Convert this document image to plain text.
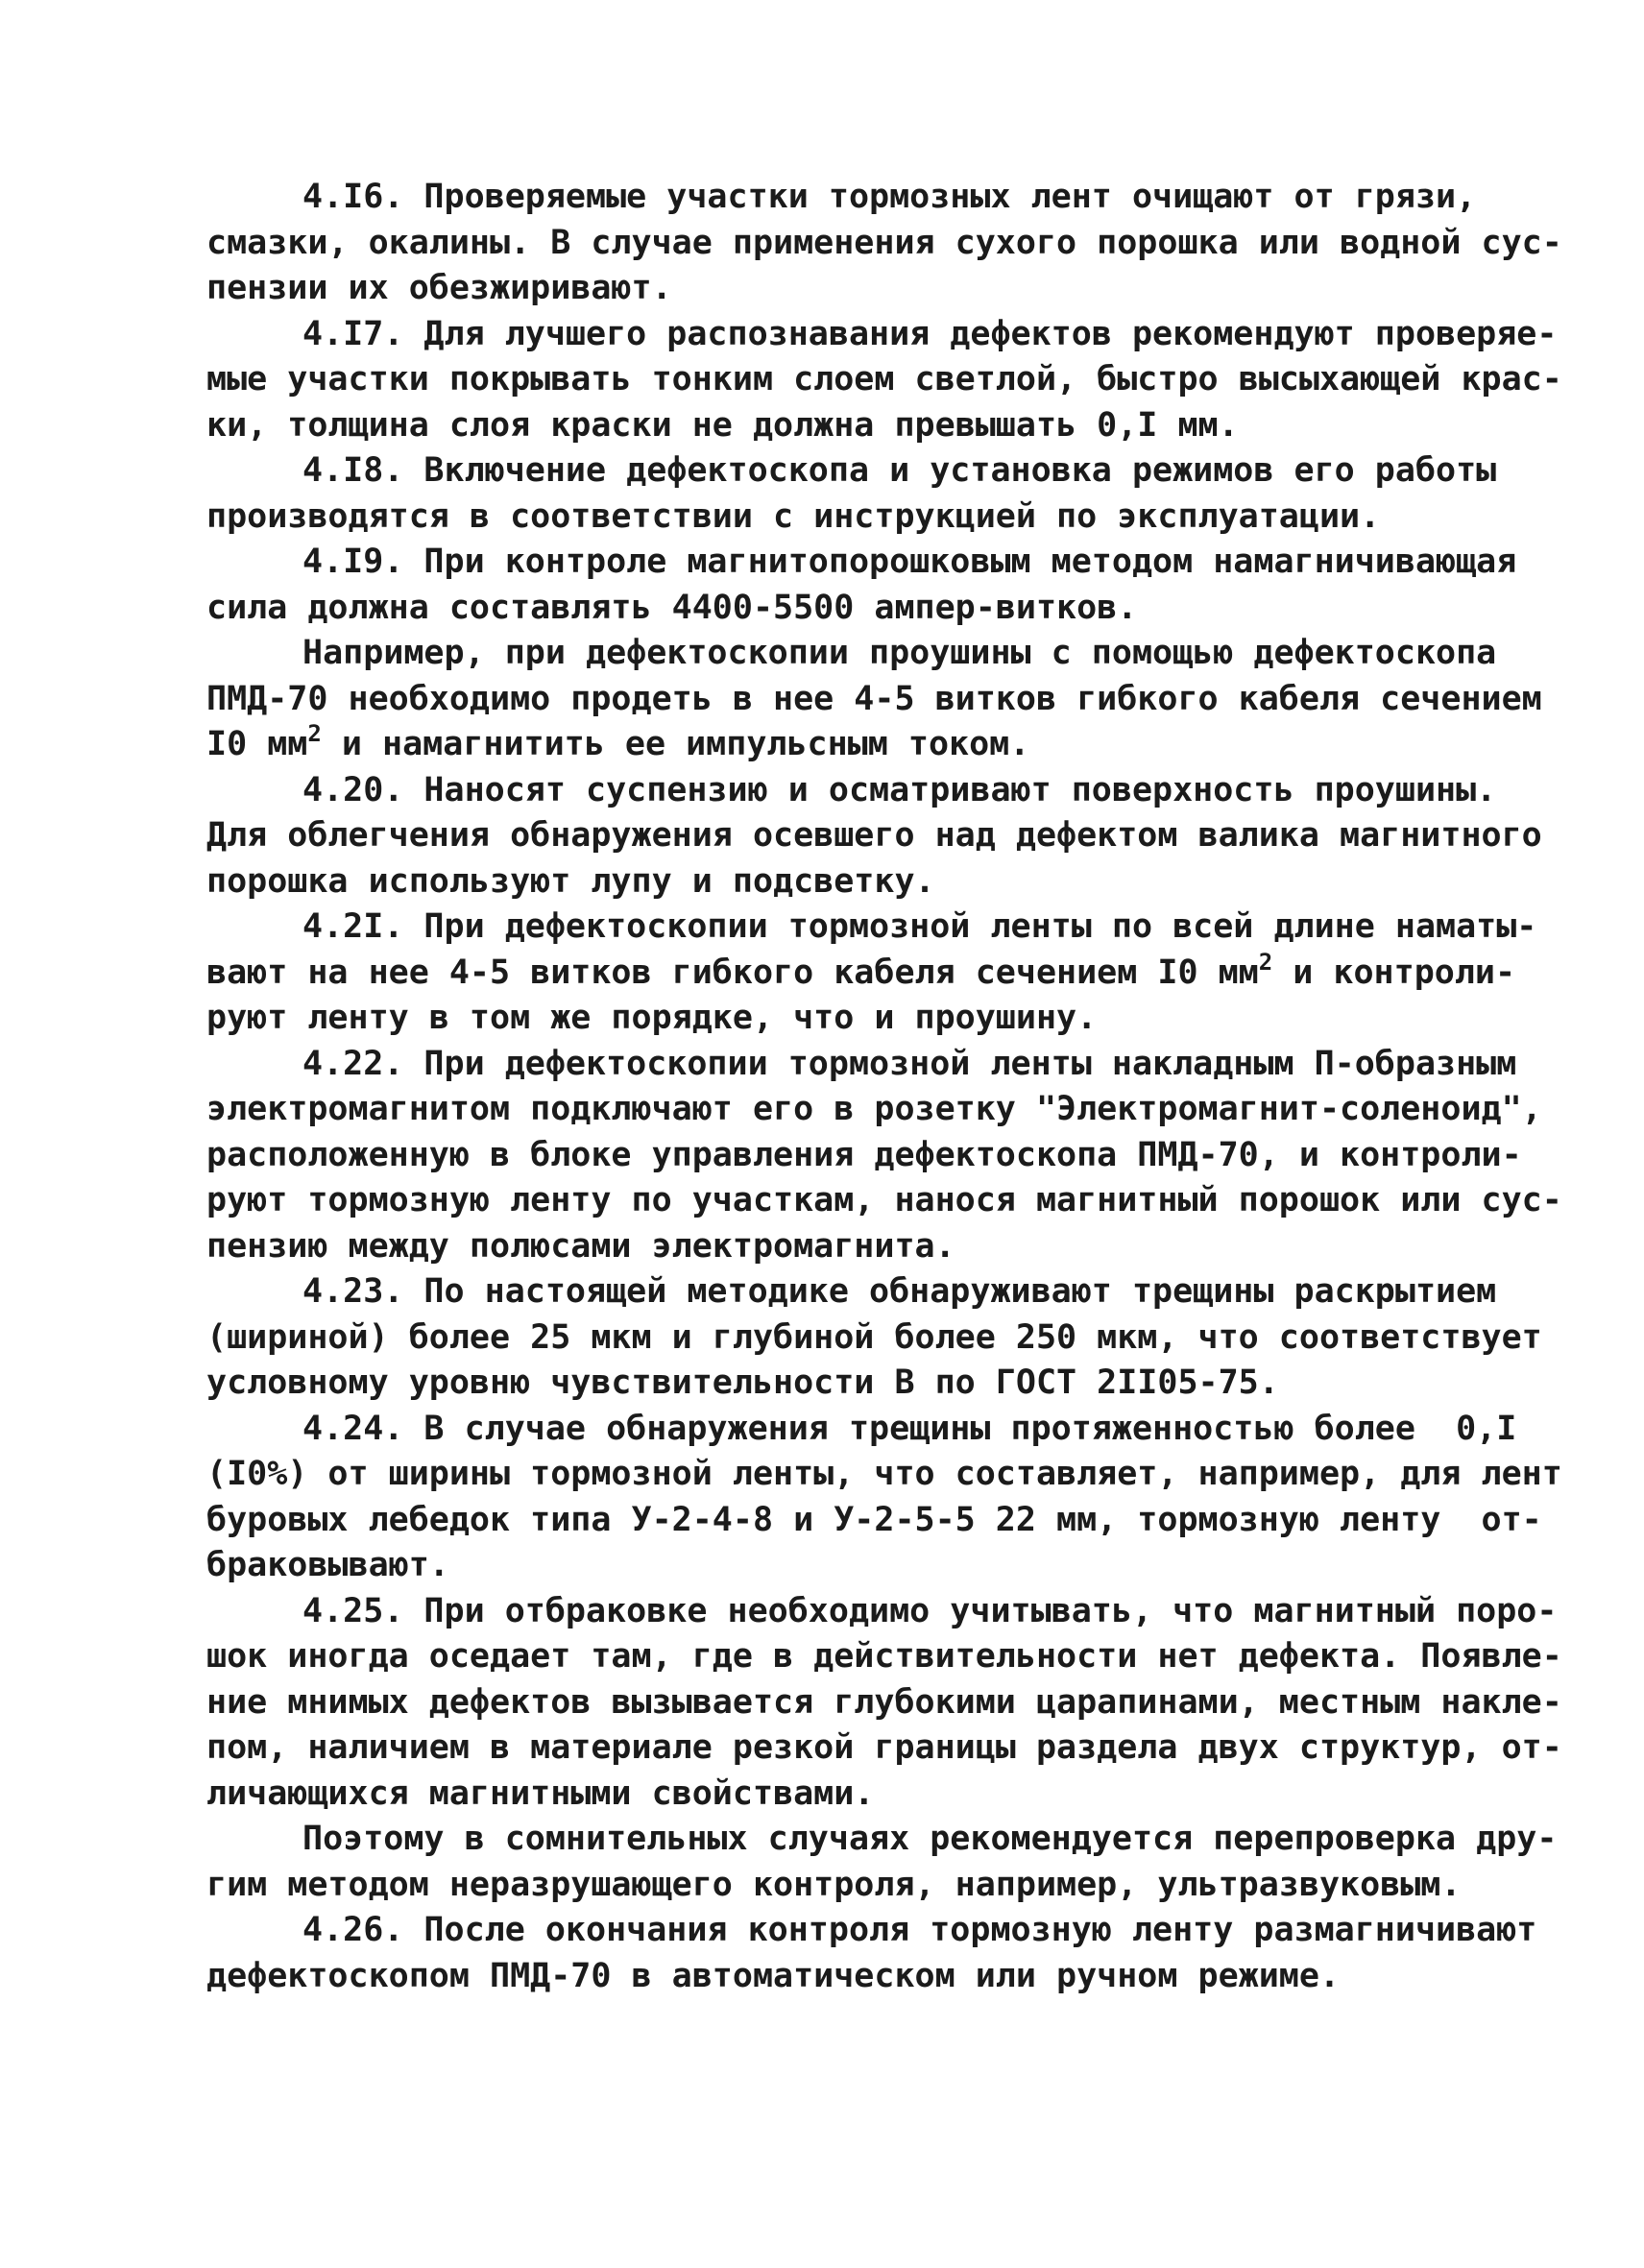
4.I6. Проверяемые участки тормозных лент очищают от грязи,
смазки, окалины. В случае применения сухого порошка или водной сус-
пензии их обезжиривают.
4.I7. Для лучшего распознавания дефектов рекомендуют проверяе-
мые участки покрывать тонким слоем светлой, быстро высыхающей крас-
ки, толщина слоя краски не должна превышать 0,I мм.
4.I8. Включение дефектоскопа и установка режимов его работы
производятся в соответствии с инструкцией по эксплуатации.
4.I9. При контроле магнитопорошковым методом намагничивающая
сила должна составлять 4400-5500 ампер-витков.
Например, при дефектоскопии проушины с помощью дефектоскопа
ПМД-70 необходимо продеть в нее 4-5 витков гибкого кабеля сечением
I0 $мм^2$ и намагнитить ее импульсным током.
4.20. Наносят суспензию и осматривают поверхность проушины.
Для облегчения обнаружения осевшего над дефектом валика магнитного
порошка используют лупу и подсветку.
4.2I. При дефектоскопии тормозной ленты по всей длине наматы-
вают на нее 4-5 витков гибкого кабеля сечением I0 $мм^2$ и контроли-
руют ленту в том же порядке, что и проушину.
4.22. При дефектоскопии тормозной ленты накладным П-образным
электромагнитом подключают его в розетку "Электромагнит-соленоид",
расположенную в блоке управления дефектоскопа ПМД-70, и контроли-
руют тормозную ленту по участкам, нанося магнитный порошок или сус-
пензию между полюсами электромагнита.
4.23. По настоящей методике обнаруживают трещины раскрытием
(шириной) более 25 мкм и глубиной более 250 мкм, что соответствует
условному уровню чувствительности В по ГОСТ 2II05-75.
4.24. В случае обнаружения трещины протяженностью более  0,I
(I0%) от ширины тормозной ленты, что составляет, например, для лент
буровых лебедок типа У-2-4-8 и У-2-5-5 22 мм, тормозную ленту  от-
браковывают.
4.25. При отбраковке необходимо учитывать, что магнитный поро-
шок иногда оседает там, где в действительности нет дефекта. Появле-
ние мнимых дефектов вызывается глубокими царапинами, местным накле-
пом, наличием в материале резкой границы раздела двух структур, от-
личающихся магнитными свойствами.
Поэтому в сомнительных случаях рекомендуется перепроверка дру-
гим методом неразрушающего контроля, например, ультразвуковым.
4.26. После окончания контроля тормозную ленту размагничивают
дефектоскопом ПМД-70 в автоматическом или ручном режиме.
